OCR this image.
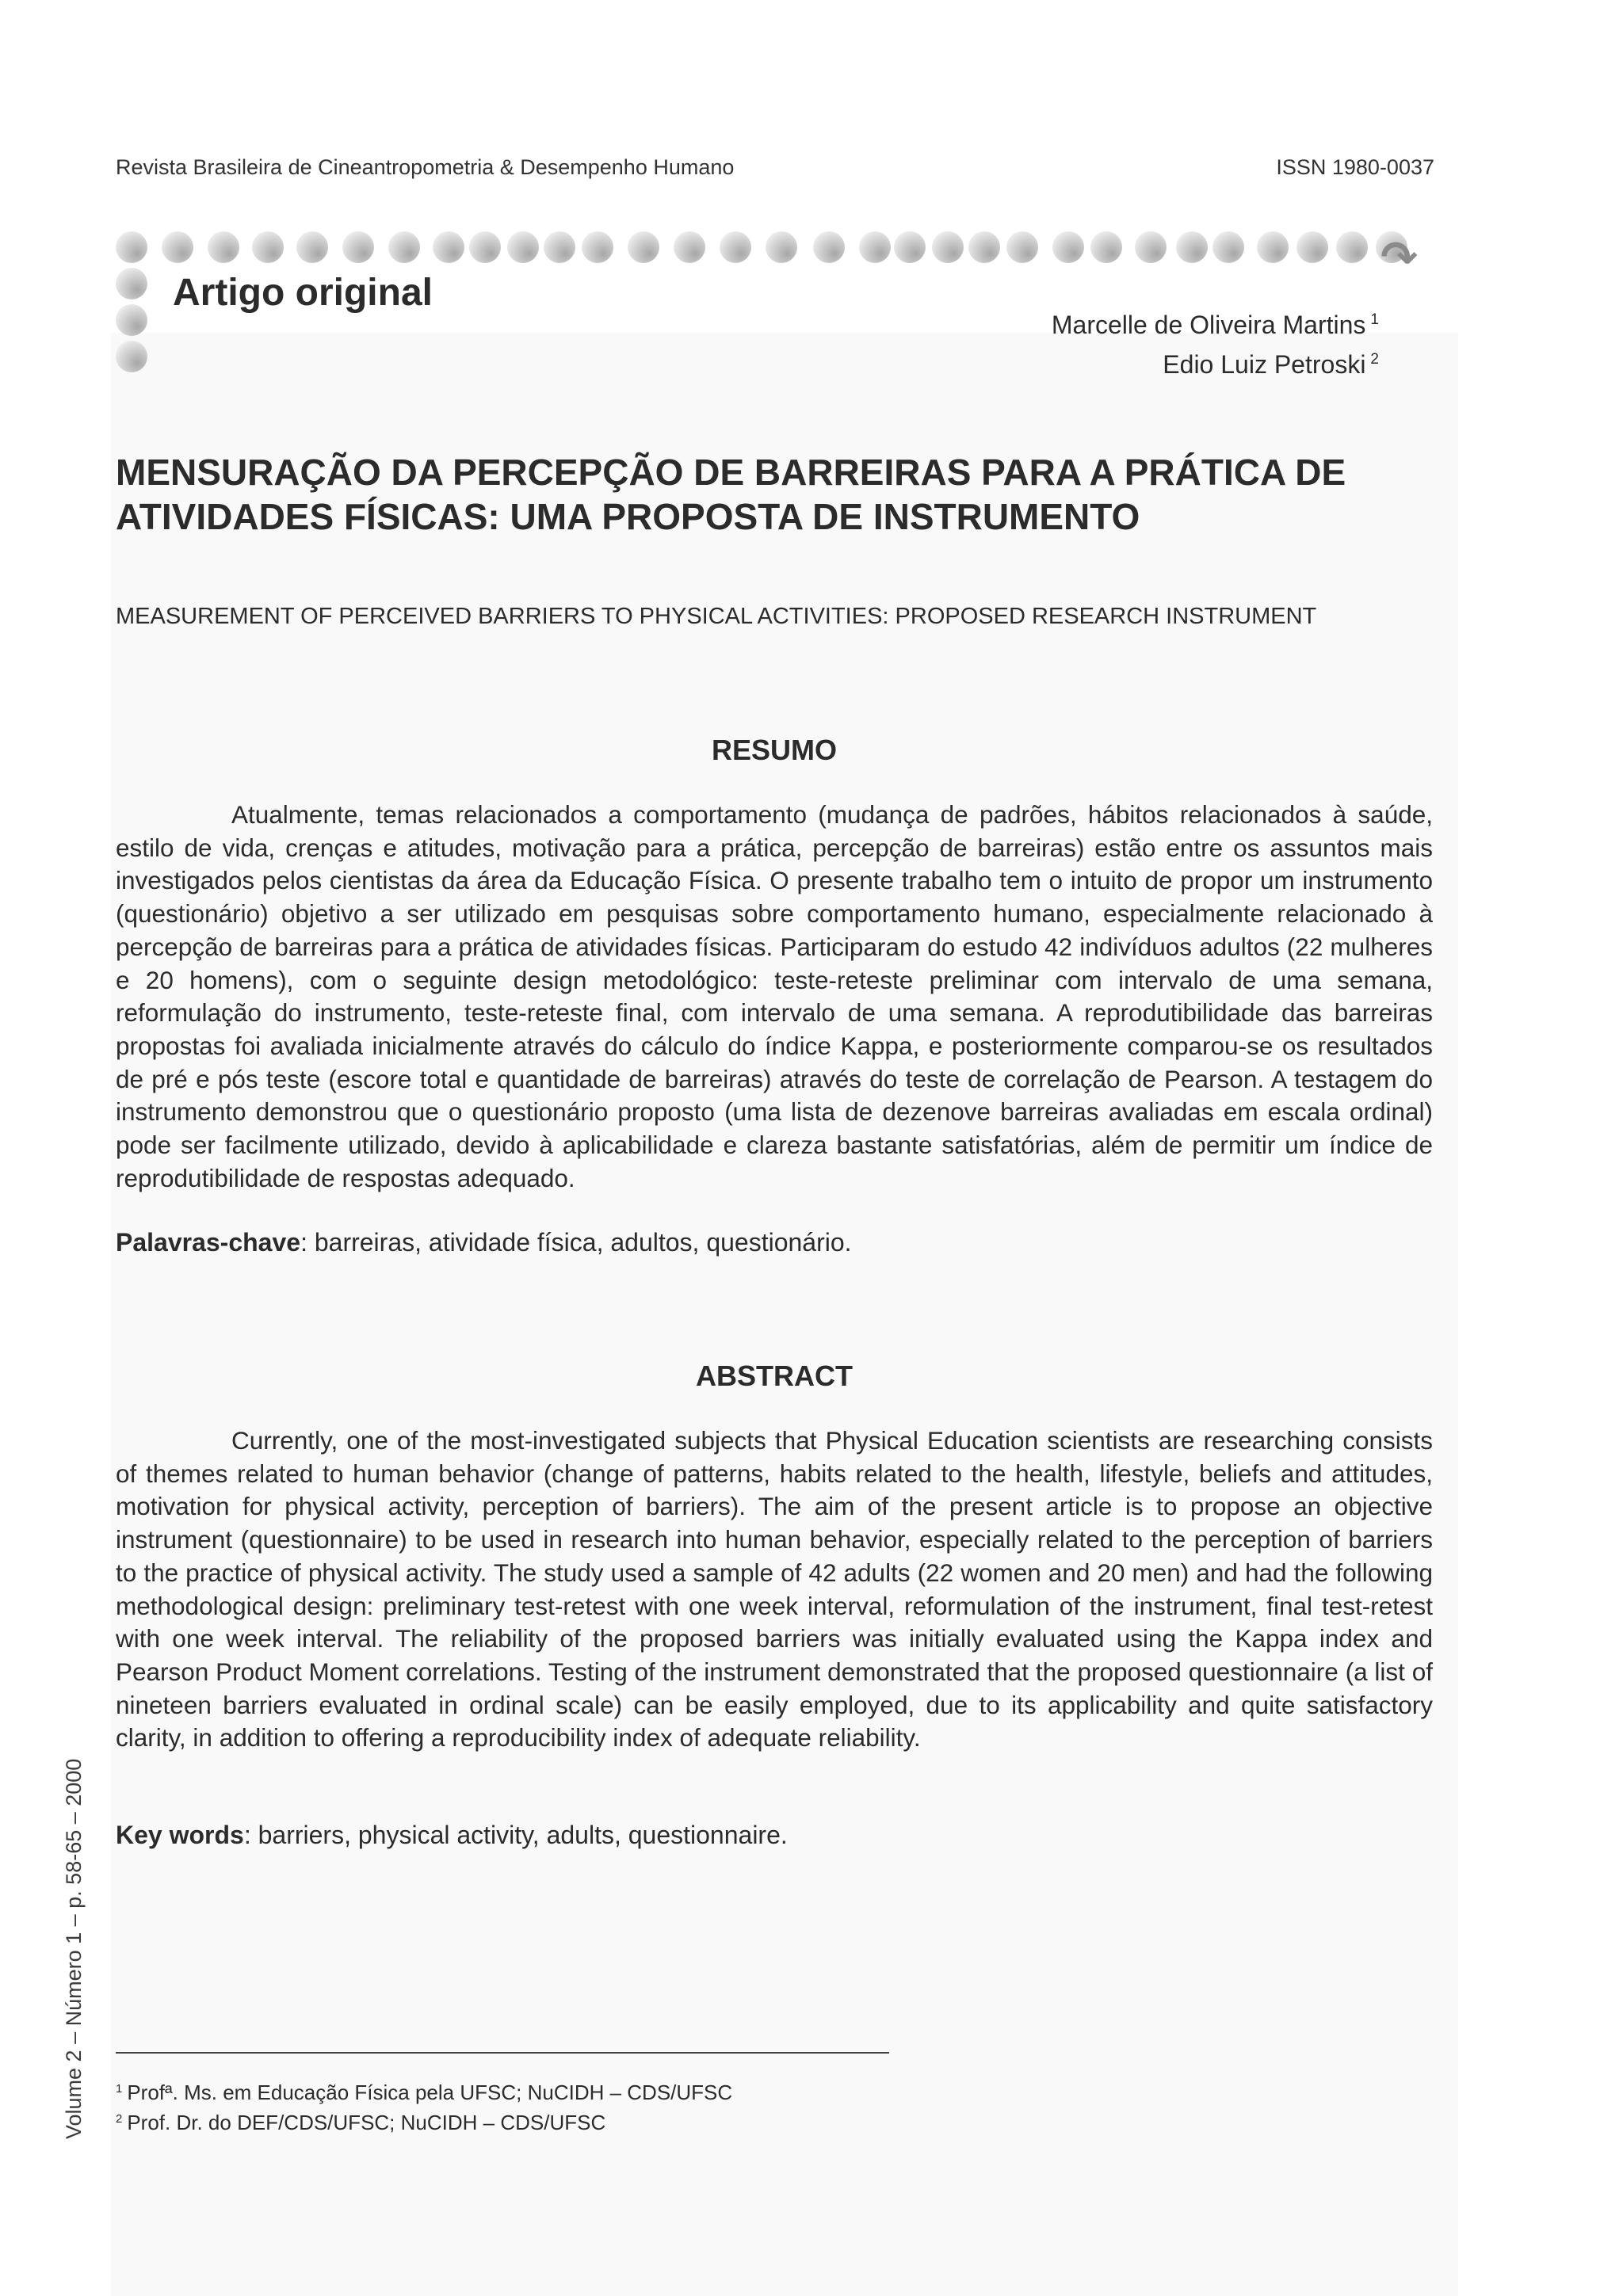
Revista Brasileira de Cineantropometria & Desempenho Humano	ISSN 1980-0037
↷
Artigo original
Marcelle de Oliveira Martins $^1$
Edio Luiz Petroski $^2$
MENSURAÇÃO DA PERCEPÇÃO DE BARREIRAS PARA A PRÁTICA DE
ATIVIDADES FÍSICAS: UMA PROPOSTA DE INSTRUMENTO
MEASUREMENT OF PERCEIVED BARRIERS TO PHYSICAL ACTIVITIES: PROPOSED RESEARCH INSTRUMENT
RESUMO
Atualmente, temas relacionados a comportamento (mudança de padrões, hábitos relacionados à saúde, estilo de vida, crenças e atitudes, motivação para a prática, percepção de barreiras) estão entre os assuntos mais investigados pelos cientistas da área da Educação Física. O presente trabalho tem o intuito de propor um instrumento (questionário) objetivo a ser utilizado em pesquisas sobre comportamento humano, especialmente relacionado à percepção de barreiras para a prática de atividades físicas. Participaram do estudo 42 indivíduos adultos (22 mulheres e 20 homens), com o seguinte design metodológico: teste-reteste preliminar com intervalo de uma semana, reformulação do instrumento, teste-reteste final, com intervalo de uma semana. A reprodutibilidade das barreiras propostas foi avaliada inicialmente através do cálculo do índice Kappa, e posteriormente comparou-se os resultados de pré e pós teste (escore total e quantidade de barreiras) através do teste de correlação de Pearson. A testagem do instrumento demonstrou que o questionário proposto (uma lista de dezenove barreiras avaliadas em escala ordinal) pode ser facilmente utilizado, devido à aplicabilidade e clareza bastante satisfatórias, além de permitir um índice de reprodutibilidade de respostas adequado.
Palavras-chave: barreiras, atividade física, adultos, questionário.
ABSTRACT
Currently, one of the most-investigated subjects that Physical Education scientists are researching consists of themes related to human behavior (change of patterns, habits related to the health, lifestyle, beliefs and attitudes, motivation for physical activity, perception of barriers). The aim of the present article is to propose an objective instrument (questionnaire) to be used in research into human behavior, especially related to the perception of barriers to the practice of physical activity. The study used a sample of 42 adults (22 women and 20 men) and had the following methodological design: preliminary test-retest with one week interval, reformulation of the instrument, final test-retest with one week interval. The reliability of the proposed barriers was initially evaluated using the Kappa index and Pearson Product Moment correlations. Testing of the instrument demonstrated that the proposed questionnaire (a list of nineteen barriers evaluated in ordinal scale) can be easily employed, due to its applicability and quite satisfactory clarity, in addition to offering a reproducibility index of adequate reliability.
Key words: barriers, physical activity, adults, questionnaire.
Volume 2 – Número 1 – p. 58-65 – 2000	$^1$ Profª. Ms. em Educação Física pela UFSC; NuCIDH – CDS/UFSC
$^2$ Prof. Dr. do DEF/CDS/UFSC; NuCIDH – CDS/UFSC
